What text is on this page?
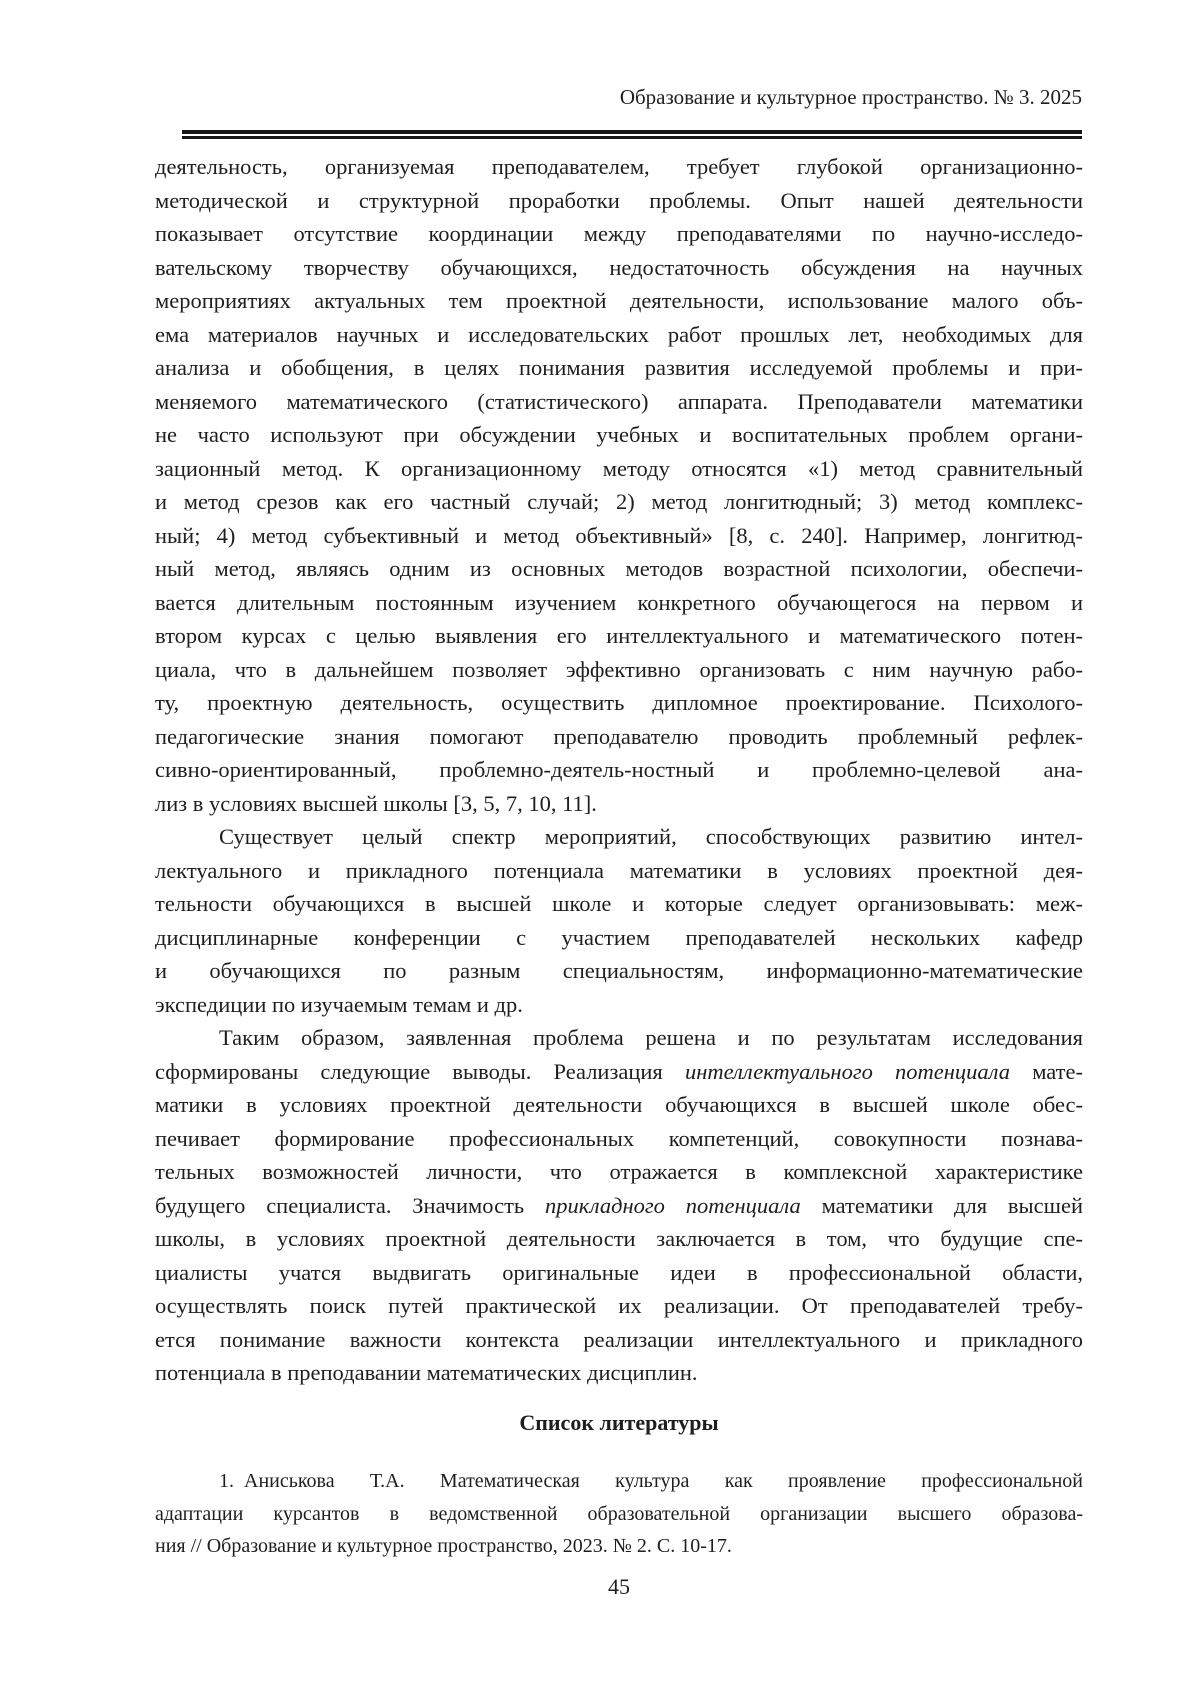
Образование и культурное пространство. № 3. 2025
деятельность, организуемая преподавателем, требует глубокой организационно-
методической и структурной проработки проблемы. Опыт нашей деятельности
показывает отсутствие координации между преподавателями по научно-исследо-
вательскому творчеству обучающихся, недостаточность обсуждения на научных
мероприятиях актуальных тем проектной деятельности, использование малого объ-
ема материалов научных и исследовательских работ прошлых лет, необходимых для
анализа и обобщения, в целях понимания развития исследуемой проблемы и при-
меняемого математического (статистического) аппарата. Преподаватели математики
не часто используют при обсуждении учебных и воспитательных проблем органи-
зационный метод. К организационному методу относятся «1) метод сравнительный
и метод срезов как его частный случай; 2) метод лонгитюдный; 3) метод комплекс-
ный; 4) метод субъективный и метод объективный» [8, с. 240]. Например, лонгитюд-
ный метод, являясь одним из основных методов возрастной психологии, обеспечи-
вается длительным постоянным изучением конкретного обучающегося на первом и
втором курсах с целью выявления его интеллектуального и математического потен-
циала, что в дальнейшем позволяет эффективно организовать с ним научную рабо-
ту, проектную деятельность, осуществить дипломное проектирование. Психолого-
педагогические знания помогают преподавателю проводить проблемный рефлек-
сивно-ориентированный, проблемно-деятель-ностный и проблемно-целевой ана-
лиз в условиях высшей школы [3, 5, 7, 10, 11].
Существует целый спектр мероприятий, способствующих развитию интел-
лектуального и прикладного потенциала математики в условиях проектной дея-
тельности обучающихся в высшей школе и которые следует организовывать: меж-
дисциплинарные конференции с участием преподавателей нескольких кафедр
и обучающихся по разным специальностям, информационно-математические
экспедиции по изучаемым темам и др.
Таким образом, заявленная проблема решена и по результатам исследования
сформированы следующие выводы. Реализация интеллектуального потенциала мате-
матики в условиях проектной деятельности обучающихся в высшей школе обес-
печивает формирование профессиональных компетенций, совокупности познава-
тельных возможностей личности, что отражается в комплексной характеристике
будущего специалиста. Значимость прикладного потенциала математики для высшей
школы, в условиях проектной деятельности заключается в том, что будущие спе-
циалисты учатся выдвигать оригинальные идеи в профессиональной области,
осуществлять поиск путей практической их реализации. От преподавателей требу-
ется понимание важности контекста реализации интеллектуального и прикладного
потенциала в преподавании математических дисциплин.
Список литературы
1. Аниськова Т.А. Математическая культура как проявление профессиональной
адаптации курсантов в ведомственной образовательной организации высшего образова-
ния // Образование и культурное пространство, 2023. № 2. С. 10-17.
45
